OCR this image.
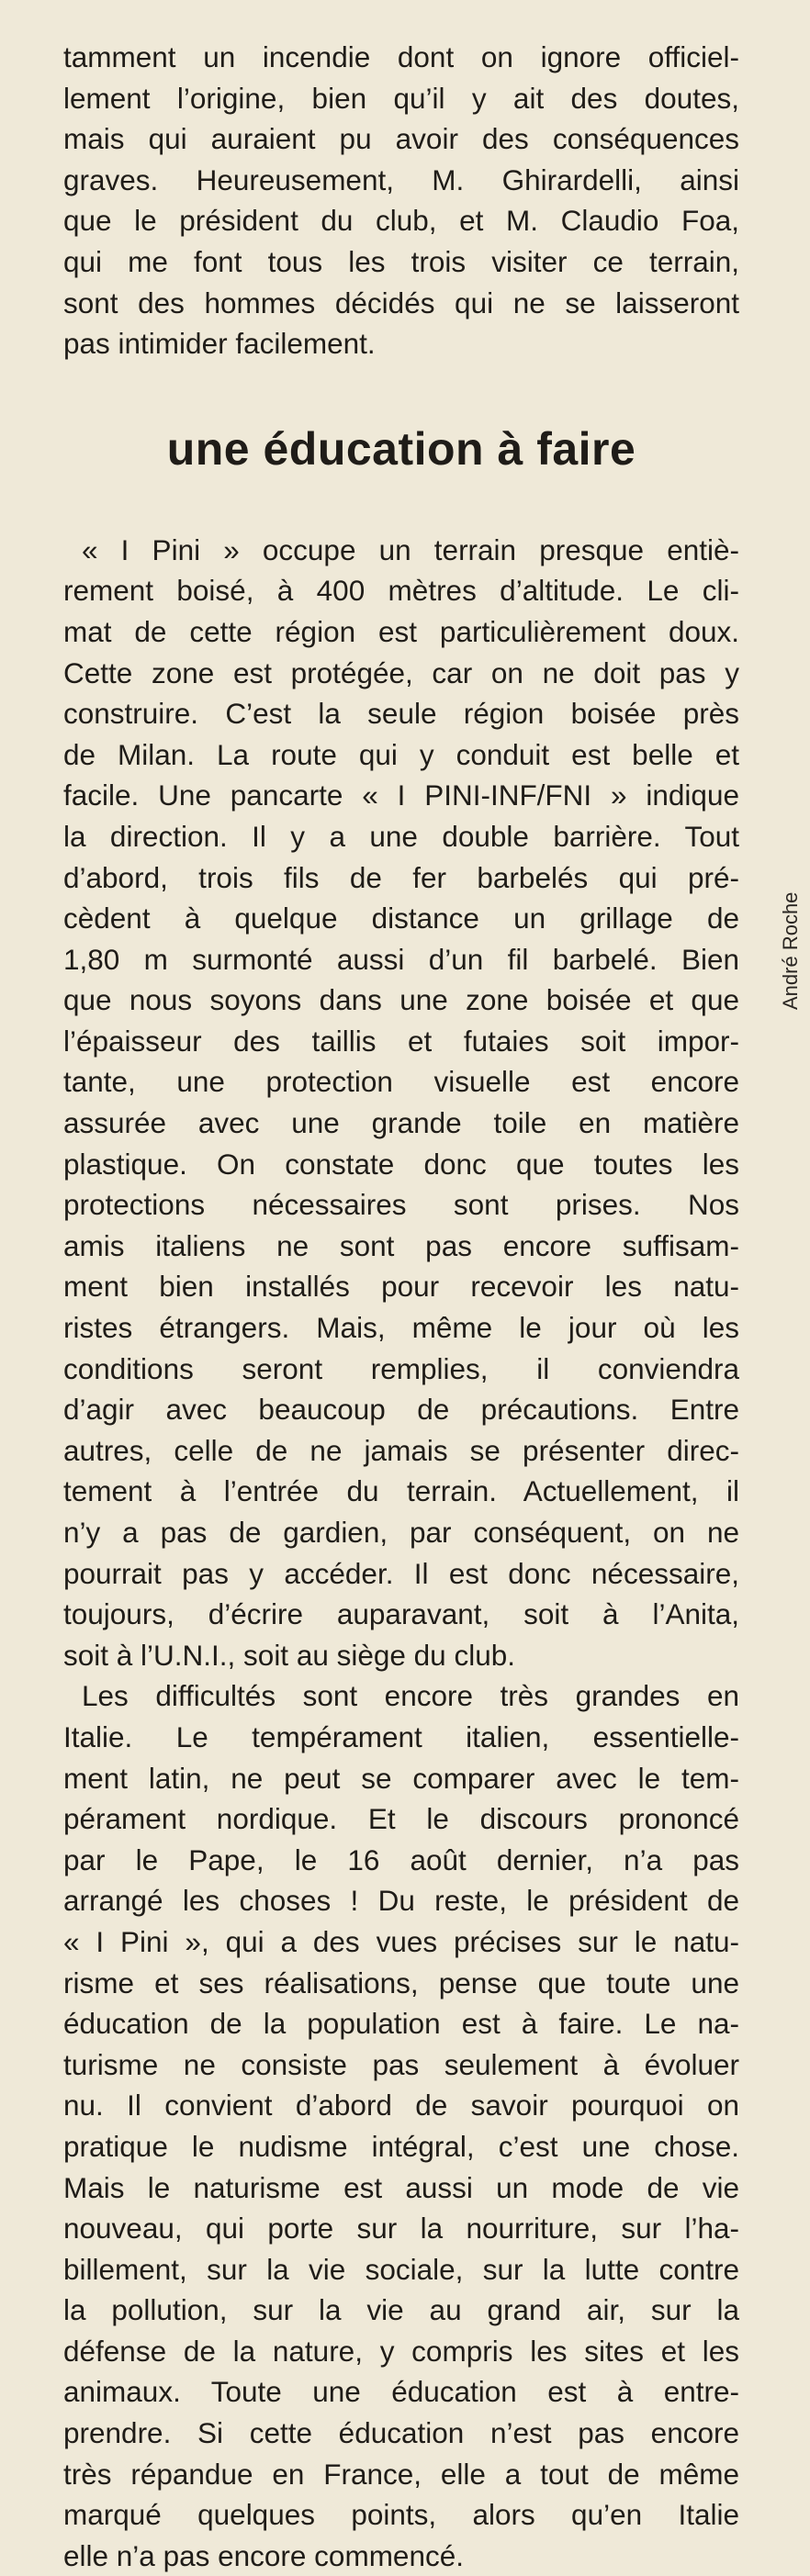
tamment un incendie dont on ignore officiel-
lement l’origine, bien qu’il y ait des doutes,
mais qui auraient pu avoir des conséquences
graves. Heureusement, M. Ghirardelli, ainsi
que le président du club, et M. Claudio Foa,
qui me font tous les trois visiter ce terrain,
sont des hommes décidés qui ne se laisseront
pas intimider facilement.
une éducation à faire
« I Pini » occupe un terrain presque entiè-
rement boisé, à 400 mètres d’altitude. Le cli-
mat de cette région est particulièrement doux.
Cette zone est protégée, car on ne doit pas y
construire. C’est la seule région boisée près
de Milan. La route qui y conduit est belle et
facile. Une pancarte « I PINI-INF/FNI » indique
la direction. Il y a une double barrière. Tout
d’abord, trois fils de fer barbelés qui pré-
cèdent à quelque distance un grillage de
1,80 m surmonté aussi d’un fil barbelé. Bien
que nous soyons dans une zone boisée et que
l’épaisseur des taillis et futaies soit impor-
tante, une protection visuelle est encore
assurée avec une grande toile en matière
plastique. On constate donc que toutes les
protections nécessaires sont prises. Nos
amis italiens ne sont pas encore suffisam-
ment bien installés pour recevoir les natu-
ristes étrangers. Mais, même le jour où les
conditions seront remplies, il conviendra
d’agir avec beaucoup de précautions. Entre
autres, celle de ne jamais se présenter direc-
tement à l’entrée du terrain. Actuellement, il
n’y a pas de gardien, par conséquent, on ne
pourrait pas y accéder. Il est donc nécessaire,
toujours, d’écrire auparavant, soit à l’Anita,
soit à l’U.N.I., soit au siège du club.
Les difficultés sont encore très grandes en
Italie. Le tempérament italien, essentielle-
ment latin, ne peut se comparer avec le tem-
pérament nordique. Et le discours prononcé
par le Pape, le 16 août dernier, n’a pas
arrangé les choses ! Du reste, le président de
« I Pini », qui a des vues précises sur le natu-
risme et ses réalisations, pense que toute une
éducation de la population est à faire. Le na-
turisme ne consiste pas seulement à évoluer
nu. Il convient d’abord de savoir pourquoi on
pratique le nudisme intégral, c’est une chose.
Mais le naturisme est aussi un mode de vie
nouveau, qui porte sur la nourriture, sur l’ha-
billement, sur la vie sociale, sur la lutte contre
la pollution, sur la vie au grand air, sur la
défense de la nature, y compris les sites et les
animaux. Toute une éducation est à entre-
prendre. Si cette éducation n’est pas encore
très répandue en France, elle a tout de même
marqué quelques points, alors qu’en Italie
elle n’a pas encore commencé.
André Roche
